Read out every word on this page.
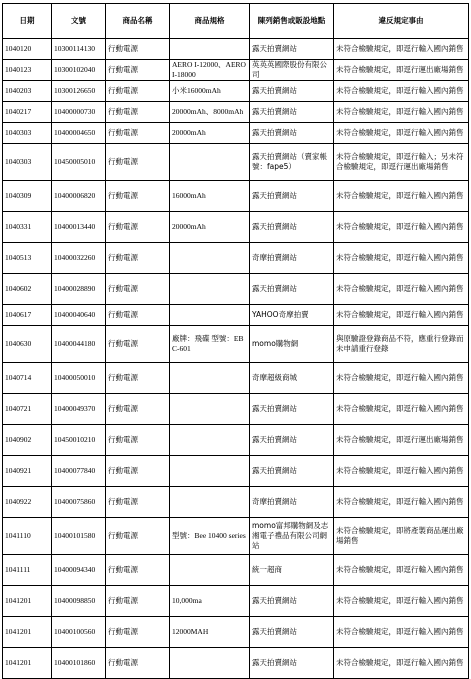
日期	文號	商品名稱	商品規格	陳列銷售或販設地點	違反規定事由
1040120	10300114130	行動電源		露天拍賣網站	未符合檢驗規定，即逕行輸入國內銷售
1040123	10300102040	行動電源	AERO I-12000、AERO I-18000	英英英國際股份有限公司	未符合檢驗規定，即逕行運出廠場銷售
1040203	10300126650	行動電源	小米16000mAh	露天拍賣網站	未符合檢驗規定，即逕行輸入國內銷售
1040217	10400000730	行動電源	20000mAh、8000mAh	露天拍賣網站	未符合檢驗規定，即逕行輸入國內銷售
1040303	10400004650	行動電源	20000mAh	露天拍賣網站	未符合檢驗規定，即逕行輸入國內銷售
1040303	10450005010	行動電源		露天拍賣網站（賣家帳號：fape5）	未符合檢驗規定，即逕行輸入；另未符合檢驗規定，即逕行運出廠場銷售
1040309	10400006820	行動電源	16000mAh	露天拍賣網站	未符合檢驗規定，即逕行輸入國內銷售
1040331	10400013440	行動電源	20000mAh	露天拍賣網站	未符合檢驗規定，即逕行輸入國內銷售
1040513	10400032260	行動電源		奇摩拍賣網站	未符合檢驗規定，即逕行輸入國內銷售
1040602	10400028890	行動電源		露天拍賣網站	未符合檢驗規定，即逕行輸入國內銷售
1040617	10400040640	行動電源		YAHOO奇摩拍賣	未符合檢驗規定，即逕行輸入國內銷售
1040630	10400044180	行動電源	廠牌：飛碟 型號：EBC-601	momo購物網	與原驗證登錄商品不符，應重行登錄而未申請重行登錄
1040714	10400050010	行動電源		奇摩超級商城	未符合檢驗規定，即逕行輸入國內銷售
1040721	10400049370	行動電源		露天拍賣網站	未符合檢驗規定，即逕行輸入國內銷售
1040902	10450010210	行動電源		露天拍賣網站	未符合檢驗規定，即逕行運出廠場銷售
1040921	10400077840	行動電源		露天拍賣網站	未符合檢驗規定，即逕行輸入國內銷售
1040922	10400075860	行動電源		奇摩拍賣網站	未符合檢驗規定，即逕行輸入國內銷售
1041110	10400101580	行動電源	型號：Bee 10400 series	momo富邦購物網及志湘電子禮品有限公司網站	未符合檢驗規定，即將產製商品運出廠場銷售
1041111	10400094340	行動電源		統一超商	未符合檢驗規定，即逕行輸入國內銷售
1041201	10400098850	行動電源	10,000ma	露天拍賣網站	未符合檢驗規定，即逕行輸入國內銷售
1041201	10400100560	行動電源	12000MAH	露天拍賣網站	未符合檢驗規定，即逕行輸入國內銷售
1041201	10400101860	行動電源		露天拍賣網站	未符合檢驗規定，即逕行輸入國內銷售
